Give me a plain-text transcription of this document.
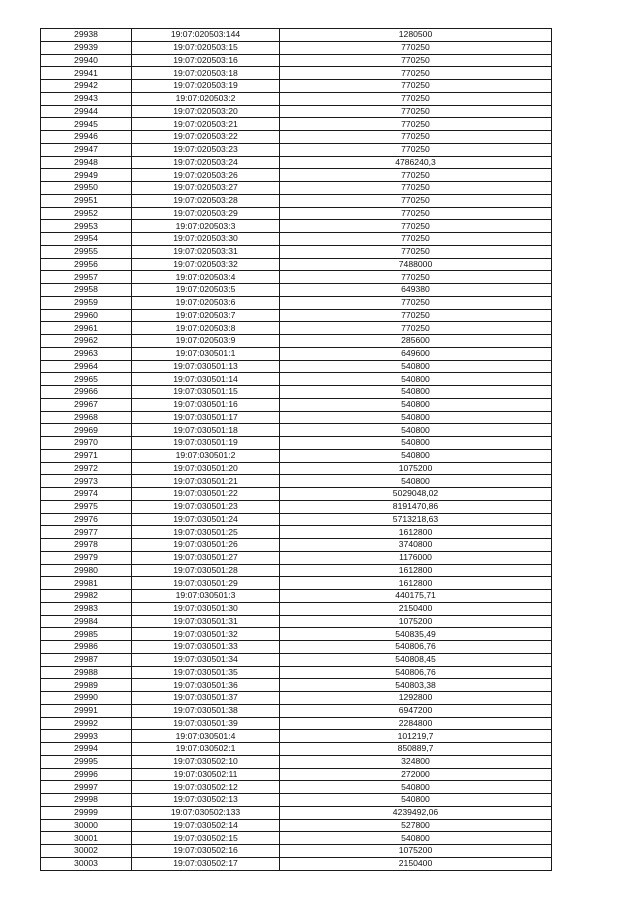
29938	19:07:020503:144	1280500
29939	19:07:020503:15	770250
29940	19:07:020503:16	770250
29941	19:07:020503:18	770250
29942	19:07:020503:19	770250
29943	19:07:020503:2	770250
29944	19:07:020503:20	770250
29945	19:07:020503:21	770250
29946	19:07:020503:22	770250
29947	19:07:020503:23	770250
29948	19:07:020503:24	4786240,3
29949	19:07:020503:26	770250
29950	19:07:020503:27	770250
29951	19:07:020503:28	770250
29952	19:07:020503:29	770250
29953	19:07:020503:3	770250
29954	19:07:020503:30	770250
29955	19:07:020503:31	770250
29956	19:07:020503:32	7488000
29957	19:07:020503:4	770250
29958	19:07:020503:5	649380
29959	19:07:020503:6	770250
29960	19:07:020503:7	770250
29961	19:07:020503:8	770250
29962	19:07:020503:9	285600
29963	19:07:030501:1	649600
29964	19:07:030501:13	540800
29965	19:07:030501:14	540800
29966	19:07:030501:15	540800
29967	19:07:030501:16	540800
29968	19:07:030501:17	540800
29969	19:07:030501:18	540800
29970	19:07:030501:19	540800
29971	19:07:030501:2	540800
29972	19:07:030501:20	1075200
29973	19:07:030501:21	540800
29974	19:07:030501:22	5029048,02
29975	19:07:030501:23	8191470,86
29976	19:07:030501:24	5713218,63
29977	19:07:030501:25	1612800
29978	19:07:030501:26	3740800
29979	19:07:030501:27	1176000
29980	19:07:030501:28	1612800
29981	19:07:030501:29	1612800
29982	19:07:030501:3	440175,71
29983	19:07:030501:30	2150400
29984	19:07:030501:31	1075200
29985	19:07:030501:32	540835,49
29986	19:07:030501:33	540806,76
29987	19:07:030501:34	540808,45
29988	19:07:030501:35	540806,76
29989	19:07:030501:36	540803,38
29990	19:07:030501:37	1292800
29991	19:07:030501:38	6947200
29992	19:07:030501:39	2284800
29993	19:07:030501:4	101219,7
29994	19:07:030502:1	850889,7
29995	19:07:030502:10	324800
29996	19:07:030502:11	272000
29997	19:07:030502:12	540800
29998	19:07:030502:13	540800
29999	19:07:030502:133	4239492,06
30000	19:07:030502:14	527800
30001	19:07:030502:15	540800
30002	19:07:030502:16	1075200
30003	19:07:030502:17	2150400
